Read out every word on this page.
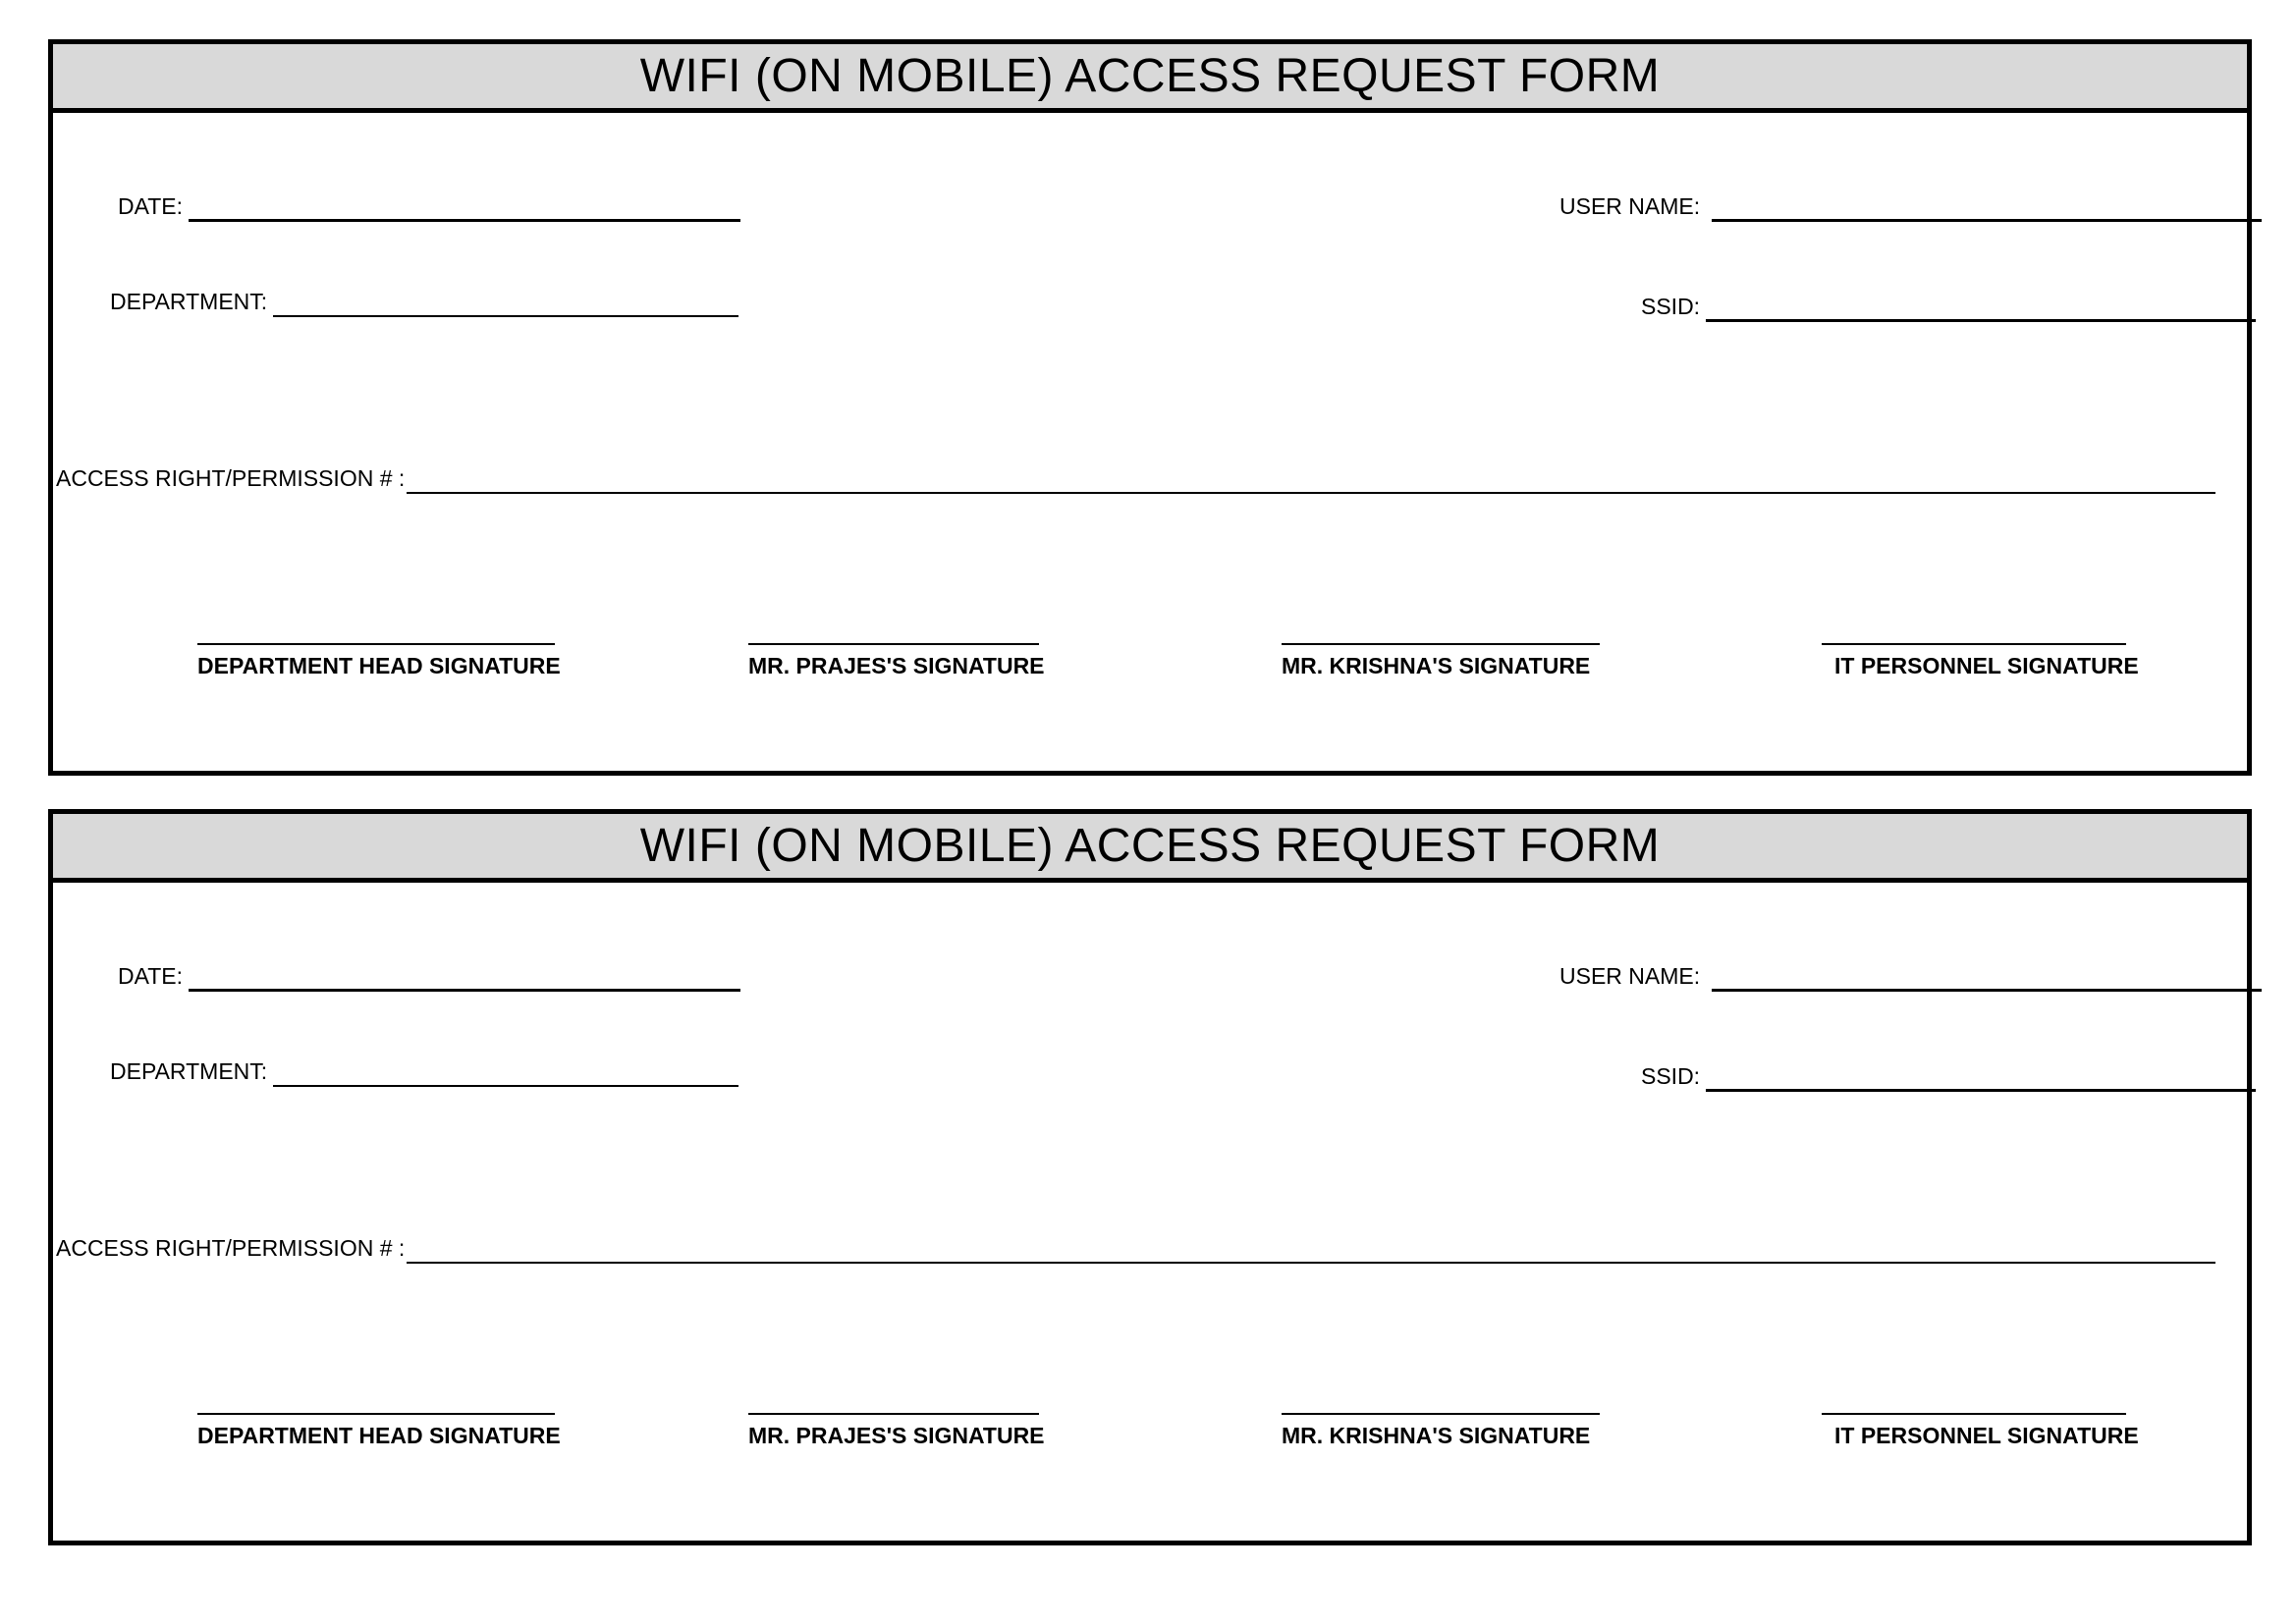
WIFI (ON MOBILE) ACCESS REQUEST FORM
DATE:
DEPARTMENT:
USER NAME:
SSID:
ACCESS RIGHT/PERMISSION # :
DEPARTMENT HEAD SIGNATURE	MR. PRAJES'S SIGNATURE	MR. KRISHNA'S SIGNATURE	IT PERSONNEL SIGNATURE
WIFI (ON MOBILE) ACCESS REQUEST FORM
DATE:
DEPARTMENT:
USER NAME:
SSID:
ACCESS RIGHT/PERMISSION # :
DEPARTMENT HEAD SIGNATURE	MR. PRAJES'S SIGNATURE	MR. KRISHNA'S SIGNATURE	IT PERSONNEL SIGNATURE
